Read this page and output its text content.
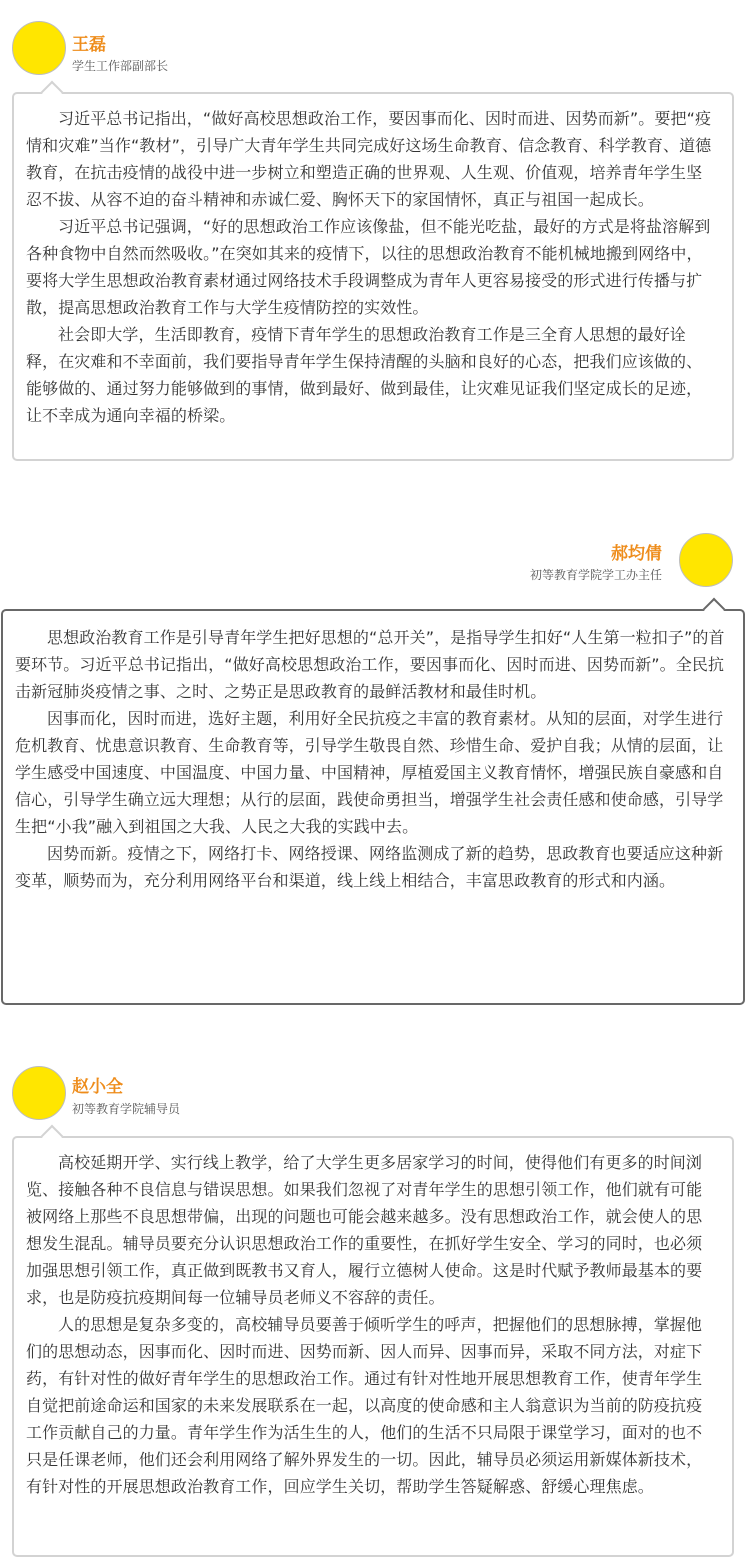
王磊
学生工作部副部长

习近平总书记指出，“做好高校思想政治工作，要因事而化、因时而进、因势而新”。要把“疫情和灾难”当作“教材”，引导广大青年学生共同完成好这场生命教育、信念教育、科学教育、道德教育，在抗击疫情的战役中进一步树立和塑造正确的世界观、人生观、价值观，培养青年学生坚忍不拔、从容不迫的奋斗精神和赤诚仁爱、胸怀天下的家国情怀，真正与祖国一起成长。

习近平总书记强调，“好的思想政治工作应该像盐，但不能光吃盐，最好的方式是将盐溶解到各种食物中自然而然吸收。”在突如其来的疫情下，以往的思想政治教育不能机械地搬到网络中，要将大学生思想政治教育素材通过网络技术手段调整成为青年人更容易接受的形式进行传播与扩散，提高思想政治教育工作与大学生疫情防控的实效性。

社会即大学，生活即教育，疫情下青年学生的思想政治教育工作是三全育人思想的最好诠释，在灾难和不幸面前，我们要指导青年学生保持清醒的头脑和良好的心态，把我们应该做的、能够做的、通过努力能够做到的事情，做到最好、做到最佳，让灾难见证我们坚定成长的足迹，让不幸成为通向幸福的桥梁。

郝均倩
初等教育学院学工办主任

思想政治教育工作是引导青年学生把好思想的“总开关”，是指导学生扣好“人生第一粒扣子”的首要环节。习近平总书记指出，“做好高校思想政治工作，要因事而化、因时而进、因势而新”。全民抗击新冠肺炎疫情之事、之时、之势正是思政教育的最鲜活教材和最佳时机。

因事而化，因时而进，选好主题，利用好全民抗疫之丰富的教育素材。从知的层面，对学生进行危机教育、忧患意识教育、生命教育等，引导学生敬畏自然、珍惜生命、爱护自我；从情的层面，让学生感受中国速度、中国温度、中国力量、中国精神，厚植爱国主义教育情怀，增强民族自豪感和自信心，引导学生确立远大理想；从行的层面，践使命勇担当，增强学生社会责任感和使命感，引导学生把“小我”融入到祖国之大我、人民之大我的实践中去。

因势而新。疫情之下，网络打卡、网络授课、网络监测成了新的趋势，思政教育也要适应这种新变革，顺势而为，充分利用网络平台和渠道，线上线上相结合，丰富思政教育的形式和内涵。

赵小全
初等教育学院辅导员

高校延期开学、实行线上教学，给了大学生更多居家学习的时间，使得他们有更多的时间浏览、接触各种不良信息与错误思想。如果我们忽视了对青年学生的思想引领工作，他们就有可能被网络上那些不良思想带偏，出现的问题也可能会越来越多。没有思想政治工作，就会使人的思想发生混乱。辅导员要充分认识思想政治工作的重要性，在抓好学生安全、学习的同时，也必须加强思想引领工作，真正做到既教书又育人，履行立德树人使命。这是时代赋予教师最基本的要求，也是防疫抗疫期间每一位辅导员老师义不容辞的责任。

人的思想是复杂多变的，高校辅导员要善于倾听学生的呼声，把握他们的思想脉搏，掌握他们的思想动态，因事而化、因时而进、因势而新、因人而异、因事而异，采取不同方法，对症下药，有针对性的做好青年学生的思想政治工作。通过有针对性地开展思想教育工作，使青年学生自觉把前途命运和国家的未来发展联系在一起，以高度的使命感和主人翁意识为当前的防疫抗疫工作贡献自己的力量。青年学生作为活生生的人，他们的生活不只局限于课堂学习，面对的也不只是任课老师，他们还会利用网络了解外界发生的一切。因此，辅导员必须运用新媒体新技术，有针对性的开展思想政治教育工作，回应学生关切，帮助学生答疑解惑、舒缓心理焦虑。
